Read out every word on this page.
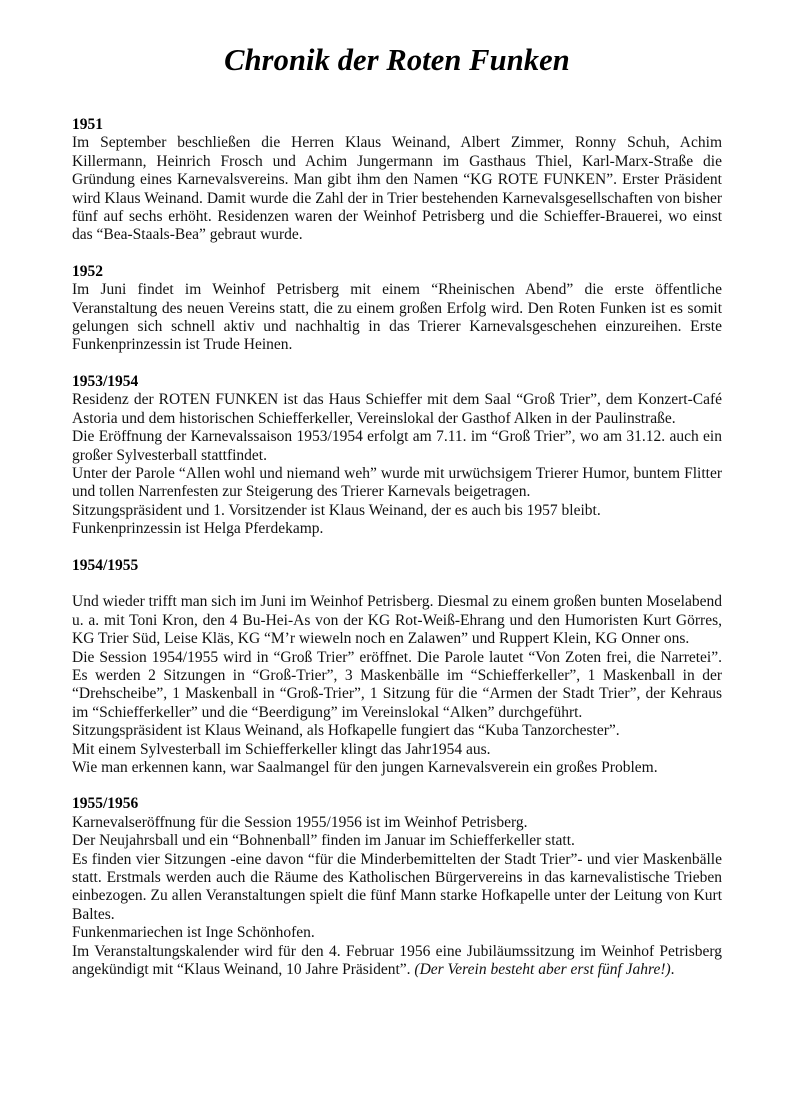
Chronik der Roten Funken

1951

Im September beschließen die Herren Klaus Weinand, Albert Zimmer, Ronny Schuh, Achim Killermann, Heinrich Frosch und Achim Jungermann im Gasthaus Thiel, Karl-Marx-Straße die Gründung eines Karnevalsvereins. Man gibt ihm den Namen “KG ROTE FUNKEN”. Erster Präsident wird Klaus Weinand. Damit wurde die Zahl der in Trier bestehenden Karnevalsgesellschaften von bisher fünf auf sechs erhöht. Residenzen waren der Weinhof Petrisberg und die Schieffer-Brauerei, wo einst das “Bea-Staals-Bea” gebraut wurde.

1952

Im Juni findet im Weinhof Petrisberg mit einem “Rheinischen Abend” die erste öffentliche Veranstaltung des neuen Vereins statt, die zu einem großen Erfolg wird. Den Roten Funken ist es somit gelungen sich schnell aktiv und nachhaltig in das Trierer Karnevalsgeschehen einzureihen. Erste Funkenprinzessin ist Trude Heinen.

1953/1954

Residenz der ROTEN FUNKEN ist das Haus Schieffer mit dem Saal “Groß Trier”, dem Konzert-Café Astoria und dem historischen Schiefferkeller, Vereinslokal der Gasthof Alken in der Paulinstraße.

Die Eröffnung der Karnevalssaison 1953/1954 erfolgt am 7.11. im “Groß Trier”, wo am 31.12. auch ein großer Sylvesterball stattfindet.

Unter der Parole “Allen wohl und niemand weh” wurde mit urwüchsigem Trierer Humor, buntem Flitter und tollen Narrenfesten zur Steigerung des Trierer Karnevals beigetragen.

Sitzungspräsident und 1. Vorsitzender ist Klaus Weinand, der es auch bis 1957 bleibt.

Funkenprinzessin ist Helga Pferdekamp.

1954/1955

Und wieder trifft man sich im Juni im Weinhof Petrisberg. Diesmal zu einem großen bunten Moselabend u. a. mit Toni Kron, den 4 Bu-Hei-As von der KG Rot-Weiß-Ehrang und den Humoristen Kurt Görres, KG Trier Süd, Leise Kläs, KG “M’r wieweln noch en Zalawen” und Ruppert Klein, KG Onner ons.

Die Session 1954/1955 wird in “Groß Trier” eröffnet. Die Parole lautet “Von Zoten frei, die Narretei”. Es werden 2 Sitzungen in “Groß-Trier”, 3 Maskenbälle im “Schiefferkeller”, 1 Maskenball in der “Drehscheibe”, 1 Maskenball in “Groß-Trier”, 1 Sitzung für die “Armen der Stadt Trier”, der Kehraus im “Schiefferkeller” und die “Beerdigung” im Vereinslokal “Alken” durchgeführt.

Sitzungspräsident ist Klaus Weinand, als Hofkapelle fungiert das “Kuba Tanzorchester”.

Mit einem Sylvesterball im Schiefferkeller klingt das Jahr1954 aus.

Wie man erkennen kann, war Saalmangel für den jungen Karnevalsverein ein großes Problem.

1955/1956

Karnevalseröffnung für die Session 1955/1956 ist im Weinhof Petrisberg.

Der Neujahrsball und ein “Bohnenball” finden im Januar im Schiefferkeller statt.

Es finden vier Sitzungen -eine davon “für die Minderbemittelten der Stadt Trier”- und vier Maskenbälle statt. Erstmals werden auch die Räume des Katholischen Bürgervereins in das karnevalistische Trieben einbezogen. Zu allen Veranstaltungen spielt die fünf Mann starke Hofkapelle unter der Leitung von Kurt Baltes.

Funkenmariechen ist Inge Schönhofen.

Im Veranstaltungskalender wird für den 4. Februar 1956 eine Jubiläumssitzung im Weinhof Petrisberg angekündigt mit “Klaus Weinand, 10 Jahre Präsident”. (Der Verein besteht aber erst fünf Jahre!).
